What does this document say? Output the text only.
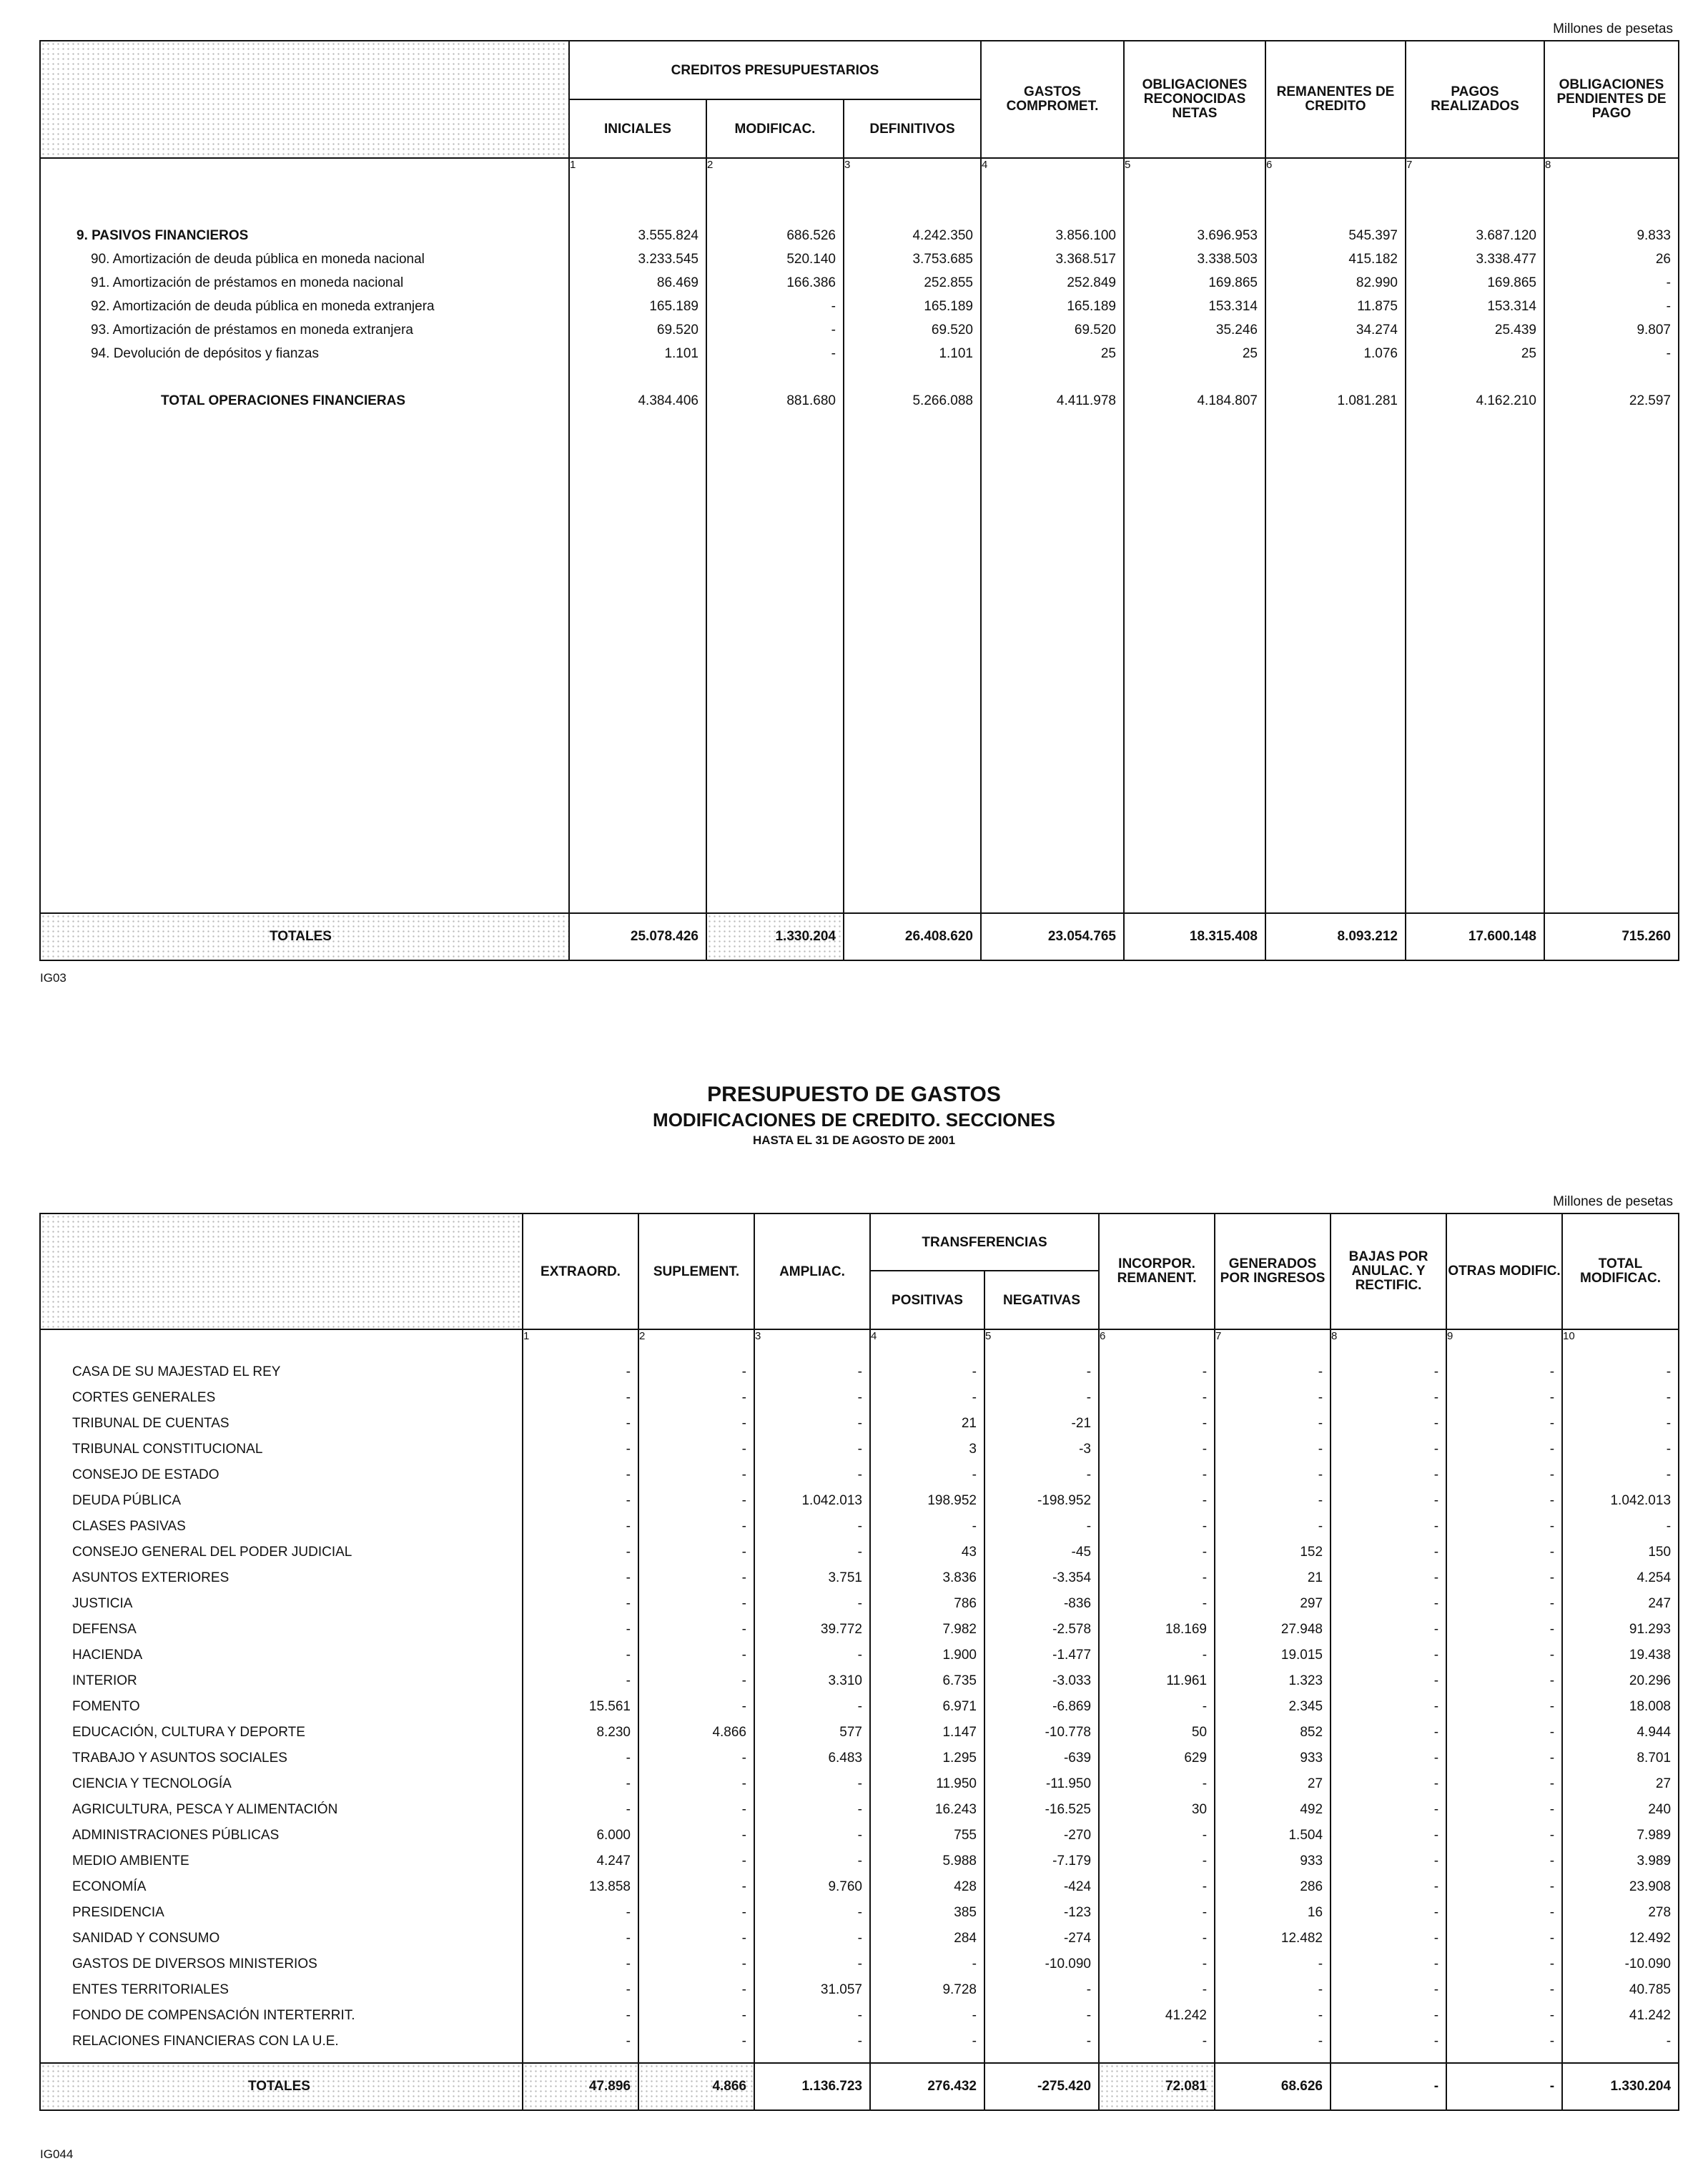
Millones de pesetas
	CREDITOS PRESUPUESTARIOS			GASTOS COMPROMET.	OBLIGACIONES RECONOCIDAS NETAS	REMANENTES DE CREDITO	PAGOS REALIZADOS	OBLIGACIONES PENDIENTES DE PAGO
	INICIALES	MODIFICAC.	DEFINITIVOS					
	1	2	3	4	5	6	7	8
9. PASIVOS FINANCIEROS	3.555.824	686.526	4.242.350	3.856.100	3.696.953	545.397	3.687.120	9.833
90. Amortización de deuda pública en moneda nacional	3.233.545	520.140	3.753.685	3.368.517	3.338.503	415.182	3.338.477	26
91. Amortización de préstamos en moneda nacional	86.469	166.386	252.855	252.849	169.865	82.990	169.865	-
92. Amortización de deuda pública en moneda extranjera	165.189	-	165.189	165.189	153.314	11.875	153.314	-
93. Amortización de préstamos en moneda extranjera	69.520	-	69.520	69.520	35.246	34.274	25.439	9.807
94. Devolución de depósitos y fianzas	1.101	-	1.101	25	25	1.076	25	-

TOTAL OPERACIONES FINANCIERAS	4.384.406	881.680	5.266.088	4.411.978	4.184.807	1.081.281	4.162.210	22.597

TOTALES	25.078.426	1.330.204	26.408.620	23.054.765	18.315.408	8.093.212	17.600.148	715.260
IG03
PRESUPUESTO DE GASTOS
MODIFICACIONES DE CREDITO. SECCIONES
HASTA EL 31 DE AGOSTO DE 2001
Millones de pesetas
	EXTRAORD.	SUPLEMENT.	AMPLIAC.	TRANSFERENCIAS		INCORPOR. REMANENT.	GENERADOS POR INGRESOS	BAJAS POR ANULAC. Y RECTIFIC.	OTRAS MODIFIC.	TOTAL MODIFICAC.
				POSITIVAS	NEGATIVAS					
	1	2	3	4	5	6	7	8	9	10
CASA DE SU MAJESTAD EL REY	-	-	-	-	-	-	-	-	-	-
CORTES GENERALES	-	-	-	-	-	-	-	-	-	-
TRIBUNAL DE CUENTAS	-	-	-	21	-21	-	-	-	-	-
TRIBUNAL CONSTITUCIONAL	-	-	-	3	-3	-	-	-	-	-
CONSEJO DE ESTADO	-	-	-	-	-	-	-	-	-	-
DEUDA PÚBLICA	-	-	1.042.013	198.952	-198.952	-	-	-	-	1.042.013
CLASES PASIVAS	-	-	-	-	-	-	-	-	-	-
CONSEJO GENERAL DEL PODER JUDICIAL	-	-	-	43	-45	-	152	-	-	150
ASUNTOS EXTERIORES	-	-	3.751	3.836	-3.354	-	21	-	-	4.254
JUSTICIA	-	-	-	786	-836	-	297	-	-	247
DEFENSA	-	-	39.772	7.982	-2.578	18.169	27.948	-	-	91.293
HACIENDA	-	-	-	1.900	-1.477	-	19.015	-	-	19.438
INTERIOR	-	-	3.310	6.735	-3.033	11.961	1.323	-	-	20.296
FOMENTO	15.561	-	-	6.971	-6.869	-	2.345	-	-	18.008
EDUCACIÓN, CULTURA Y DEPORTE	8.230	4.866	577	1.147	-10.778	50	852	-	-	4.944
TRABAJO Y ASUNTOS SOCIALES	-	-	6.483	1.295	-639	629	933	-	-	8.701
CIENCIA Y TECNOLOGÍA	-	-	-	11.950	-11.950	-	27	-	-	27
AGRICULTURA, PESCA Y ALIMENTACIÓN	-	-	-	16.243	-16.525	30	492	-	-	240
ADMINISTRACIONES PÚBLICAS	6.000	-	-	755	-270	-	1.504	-	-	7.989
MEDIO AMBIENTE	4.247	-	-	5.988	-7.179	-	933	-	-	3.989
ECONOMÍA	13.858	-	9.760	428	-424	-	286	-	-	23.908
PRESIDENCIA	-	-	-	385	-123	-	16	-	-	278
SANIDAD Y CONSUMO	-	-	-	284	-274	-	12.482	-	-	12.492
GASTOS DE DIVERSOS MINISTERIOS	-	-	-	-	-10.090	-	-	-	-	-10.090
ENTES TERRITORIALES	-	-	31.057	9.728	-	-	-	-	-	40.785
FONDO DE COMPENSACIÓN INTERTERRIT.	-	-	-	-	-	41.242	-	-	-	41.242
RELACIONES FINANCIERAS CON LA U.E.	-	-	-	-	-	-	-	-	-	-

TOTALES	47.896	4.866	1.136.723	276.432	-275.420	72.081	68.626	-	-	1.330.204
IG044
